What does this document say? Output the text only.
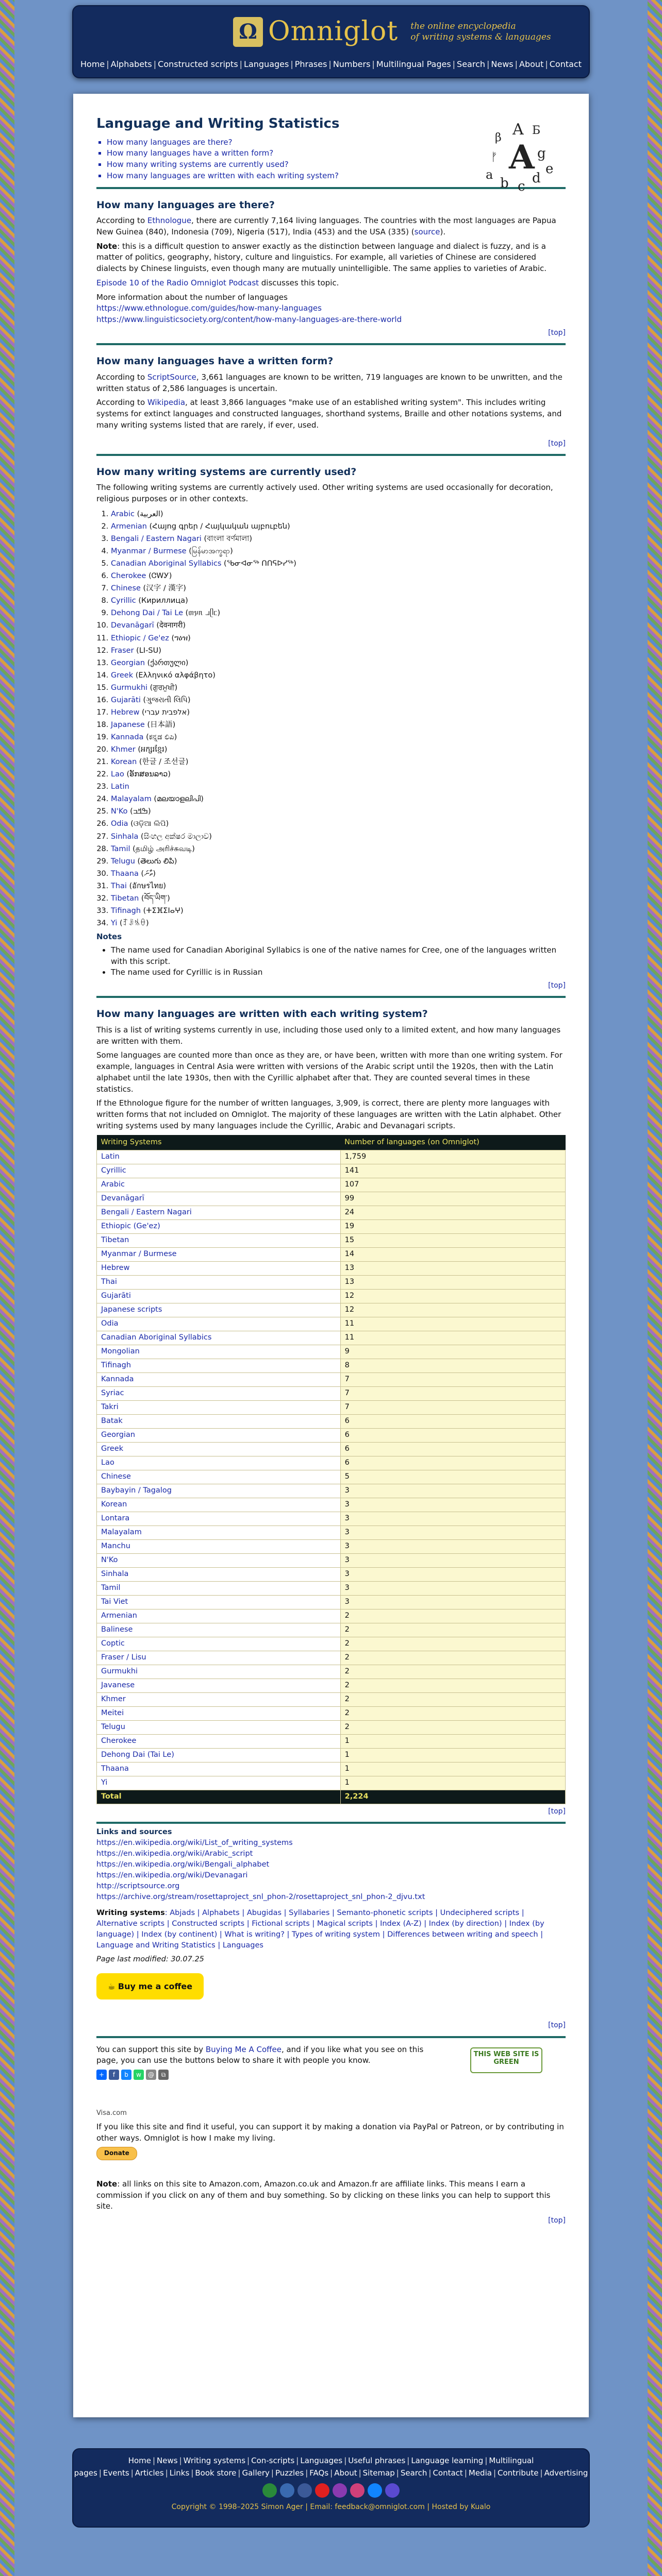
Ω Omniglot the online encyclopedia
of writing systems & languages
Home | Alphabets | Constructed scripts | Languages | Phrases | Numbers | Multilingual Pages | Search | News | About | Contact
A
β
Б
A g
ᚠ
a
b c
d
e
Language and Writing Statistics
▪ How many languages are there?
▪ How many languages have a written form?
▪ How many writing systems are currently used?
▪ How many languages are written with each writing system?
How many languages are there?

According to Ethnologue, there are currently 7,164 living languages. The countries with the most languages are Papua New Guinea (840), Indonesia (709), Nigeria (517), India (453) and the USA (335) (source).

Note: this is a difficult question to answer exactly as the distinction between language and dialect is fuzzy, and is a matter of politics, geography, history, culture and linguistics. For example, all varieties of Chinese are considered dialects by Chinese linguists, even though many are mutually unintelligible. The same applies to varieties of Arabic.

Episode 10 of the Radio Omniglot Podcast discusses this topic.

More information about the number of languages
https://www.ethnologue.com/guides/how-many-languages
https://www.linguisticsociety.org/content/how-many-languages-are-there-world

[top]
How many languages have a written form?

According to ScriptSource, 3,661 languages are known to be written, 719 languages are known to be unwritten, and the written status of 2,586 languages is uncertain.

According to Wikipedia, at least 3,866 languages "make use of an established writing system". This includes writing systems for extinct languages and constructed languages, shorthand systems, Braille and other notations systems, and many writing systems listed that are rarely, if ever, used.

[top]
How many writing systems are currently used?

The following writing systems are currently actively used. Other writing systems are used occasionally for decoration, religious purposes or in other contexts.

1. Arabic (العربية)
2. Armenian (Հայոց գրեր / Հայկական այբուբեն)
3. Bengali / Eastern Nagari (বাংলা বর্ণমালা)
4. Myanmar / Burmese (မြန်မာအက္ခရာ)
5. Canadian Aboriginal Syllabics (ᖃᓂᐊᓂᖅ ᑎᑎᕋᐅᓯᖅ)
6. Cherokee (ᏣᎳᎩ)
7. Chinese (汉字 / 漢字)
8. Cyrillic (Кириллица)
9. Dehong Dai / Tai Le (ᥖᥭᥰ ᥘᥫᥴ)
10. Devanāgarī (देवनागरी)
11. Ethiopic / Ge'ez (ግዕዝ)
12. Fraser (ꓡꓲ-ꓢꓴ)
13. Georgian (ქართული)
14. Greek (Ελληνικό αλφάβητο)
15. Gurmukhi (ਗੁਰਮੁਖੀ)
16. Gujarāti (ગુજરાતી લિપિ)
17. Hebrew (אלפבית עברי)
18. Japanese (日本語)
19. Kannada (ಕನ್ನಡ ಲಿಪಿ)
20. Khmer (អក្សរខ្មែរ)
21. Korean (한글 / 조선글)
22. Lao (ອັກສອນລາວ)
23. Latin
24. Malayalam (മലയാളലിപി)
25. N'Ko (ߒߞߏ)
26. Odia (ଓଡ଼ିଆ ଲିପି)
27. Sinhala (සිංහල අක්ෂර මාලාව)
28. Tamil (தமிழ் அரிச்சுவடி)
29. Telugu (తెలుగు లిపి)
30. Thaana (ތާނަ)
31. Thai (อักษรไทย)
32. Tibetan (བོད་ཡིག་)
33. Tifinagh (ⵜⵉⴼⵉⵏⴰⵖ)
34. Yi (ꆈꌠꁱꂷ)
Notes
• The name used for Canadian Aboriginal Syllabics is one of the native names for Cree, one of the languages written with this script.
• The name used for Cyrillic is in Russian
[top]
How many languages are written with each writing system?

This is a list of writing systems currently in use, including those used only to a limited extent, and how many languages are written with them.

Some languages are counted more than once as they are, or have been, written with more than one writing system. For example, languages in Central Asia were written with versions of the Arabic script until the 1920s, then with the Latin alphabet until the late 1930s, then with the Cyrillic alphabet after that. They are counted several times in these statistics.

If the Ethnologue figure for the number of written languages, 3,909, is correct, there are plenty more languages with written forms that not included on Omniglot. The majority of these languages are written with the Latin alphabet. Other writing systems used by many languages include the Cyrillic, Arabic and Devanagari scripts.

Writing Systems	Number of languages (on Omniglot)
Latin	1,759
Cyrillic	141
Arabic	107
Devanāgarī	99
Bengali / Eastern Nagari	24
Ethiopic (Ge'ez)	19
Tibetan	15
Myanmar / Burmese	14
Hebrew	13
Thai	13
Gujarāti	12
Japanese scripts	12
Odia	11
Canadian Aboriginal Syllabics	11
Mongolian	9
Tifinagh	8
Kannada	7
Syriac	7
Takri	7
Batak	6
Georgian	6
Greek	6
Lao	6
Chinese	5
Baybayin / Tagalog	3
Korean	3
Lontara	3
Malayalam	3
Manchu	3
N'Ko	3
Sinhala	3
Tamil	3
Tai Viet	3
Armenian	2
Balinese	2
Coptic	2
Fraser / Lisu	2
Gurmukhi	2
Javanese	2
Khmer	2
Meitei	2
Telugu	2
Cherokee	1
Dehong Dai (Tai Le)	1
Thaana	1
Yi	1
Total	2,224
[top]
Links and sources
https://en.wikipedia.org/wiki/List_of_writing_systems
https://en.wikipedia.org/wiki/Arabic_script
https://en.wikipedia.org/wiki/Bengali_alphabet
https://en.wikipedia.org/wiki/Devanagari
http://scriptsource.org
https://archive.org/stream/rosettaproject_snl_phon-2/rosettaproject_snl_phon-2_djvu.txt

Writing systems: Abjads | Alphabets | Abugidas | Syllabaries | Semanto-phonetic scripts | Undeciphered scripts | Alternative scripts | Constructed scripts | Fictional scripts | Magical scripts | Index (A-Z) | Index (by direction) | Index (by language) | Index (by continent) | What is writing? | Types of writing system | Differences between writing and speech | Language and Writing Statistics | Languages

Page last modified: 30.07.25

☕ Buy me a coffee
[top]
THIS WEB SITE IS GREEN

You can support this site by Buying Me A Coffee, and if you like what you see on this page, you can use the buttons below to share it with people you know.

+	f	b	w	@	⧉
Visa.com

If you like this site and find it useful, you can support it by making a donation via PayPal or Patreon, or by contributing in other ways. Omniglot is how I make my living.

Donate

Note: all links on this site to Amazon.com, Amazon.co.uk and Amazon.fr are affiliate links. This means I earn a commission if you click on any of them and buy something. So by clicking on these links you can help to support this site.

[top]
Home | News | Writing systems | Con-scripts | Languages | Useful phrases | Language learning | Multilingual pages | Events | Articles | Links | Book store | Gallery | Puzzles | FAQs | About | Sitemap | Search | Contact | Media | Contribute | Advertising
Copyright © 1998–2025 Simon Ager | Email: feedback@omniglot.com | Hosted by Kualo
